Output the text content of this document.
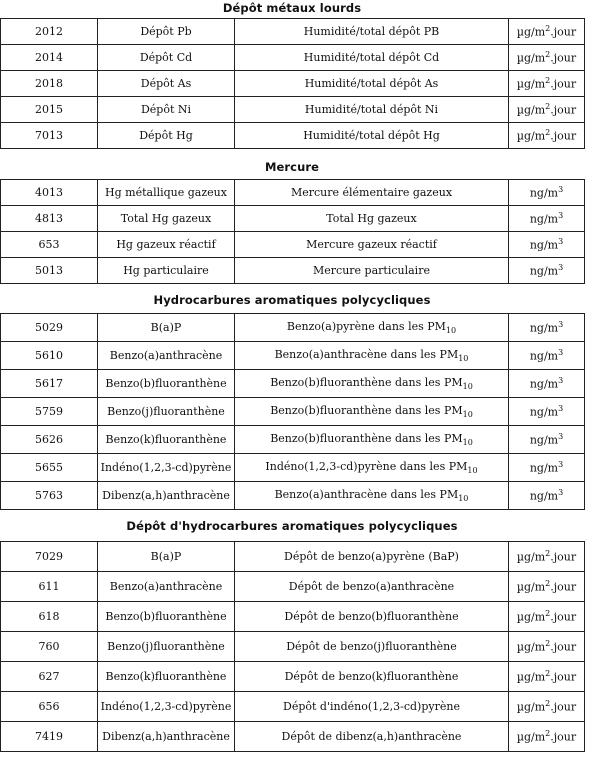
Dépôt métaux lourds
2012	Dépôt Pb	Humidité/total dépôt PB	$\mu g/m^2.jour$
2014	Dépôt Cd	Humidité/total dépôt Cd	$\mu g/m^2.jour$
2018	Dépôt As	Humidité/total dépôt As	$\mu g/m^2.jour$
2015	Dépôt Ni	Humidité/total dépôt Ni	$\mu g/m^2.jour$
7013	Dépôt Hg	Humidité/total dépôt Hg	$\mu g/m^2.jour$
Mercure
4013	Hg métallique gazeux	Mercure élémentaire gazeux	$ng/m^3$
4813	Total Hg gazeux	Total Hg gazeux	$ng/m^3$
653	Hg gazeux réactif	Mercure gazeux réactif	$ng/m^3$
5013	Hg particulaire	Mercure particulaire	$ng/m^3$
Hydrocarbures aromatiques polycycliques
5029	B(a)P	Benzo(a)pyrène dans les $PM_{10}$	$ng/m^3$
5610	Benzo(a)anthracène	Benzo(a)anthracène dans les $PM_{10}$	$ng/m^3$
5617	Benzo(b)fluoranthène	Benzo(b)fluoranthène dans les $PM_{10}$	$ng/m^3$
5759	Benzo(j)fluoranthène	Benzo(b)fluoranthène dans les $PM_{10}$	$ng/m^3$
5626	Benzo(k)fluoranthène	Benzo(b)fluoranthène dans les $PM_{10}$	$ng/m^3$
5655	Indéno(1,2,3-cd)pyrène	Indéno(1,2,3-cd)pyrène dans les $PM_{10}$	$ng/m^3$
5763	Dibenz(a,h)anthracène	Benzo(a)anthracène dans les $PM_{10}$	$ng/m^3$
Dépôt d'hydrocarbures aromatiques polycycliques
7029	B(a)P	Dépôt de benzo(a)pyrène (BaP)	$\mu g/m^2.jour$
611	Benzo(a)anthracène	Dépôt de benzo(a)anthracène	$\mu g/m^2.jour$
618	Benzo(b)fluoranthène	Dépôt de benzo(b)fluoranthène	$\mu g/m^2.jour$
760	Benzo(j)fluoranthène	Dépôt de benzo(j)fluoranthène	$\mu g/m^2.jour$
627	Benzo(k)fluoranthène	Dépôt de benzo(k)fluoranthène	$\mu g/m^2.jour$
656	Indéno(1,2,3-cd)pyrène	Dépôt d'indéno(1,2,3-cd)pyrène	$\mu g/m^2.jour$
7419	Dibenz(a,h)anthracène	Dépôt de dibenz(a,h)anthracène	$\mu g/m^2.jour$
